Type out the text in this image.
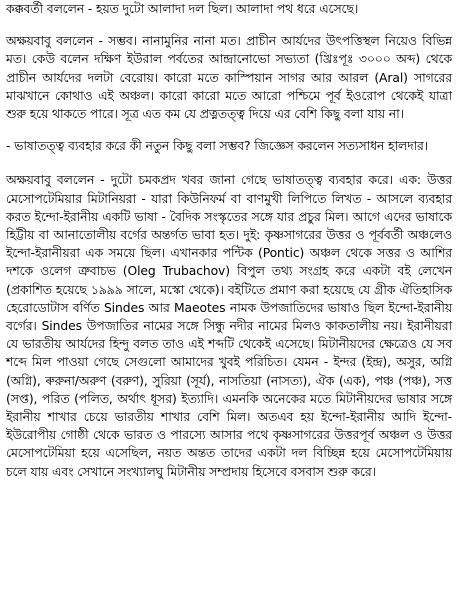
কক্কবর্তী বললেন - হয়ত দুটো আলাদা দল ছিল। আলাদা পথ ধরে এসেছে।

অক্ষয়বাবু বললেন - সম্ভব। নানামুনির নানা মত। প্রাচীন আর্যদের উৎপত্তিস্থল নিয়েও বিভিন্ন মত। কেউ বলেন দক্ষিণ ইউরাল পর্বতের আন্দ্রানোভো সভ্যতা (খ্রিঃপূঃ ৩০০০ অব্দ) থেকে প্রাচীন আর্যদের দলটা বেরোয়। কারো মতে কাস্পিয়ান সাগর আর আরল (Aral) সাগরের মাঝখানে কোথাও এই অঞ্চল। কারো কারো মতে আরো পশ্চিমে পূর্ব ইওরোপ থেকেই যাত্রা শুরু হয়ে থাকতে পারে। সূত্র এত কম যে প্রত্নতত্ত্ব দিয়ে এর বেশি কিছু বলা যায় না।

- ভাষাতত্ত্ব ব্যবহার করে কী নতুন কিছু বলা সম্ভব? জিজ্ঞেস করলেন সত্যসাধন হালদার।

অক্ষয়বাবু বললেন - দুটো চমকপ্রদ খবর জানা গেছে ভাষাতত্ত্ব ব্যবহার করে। এক: উত্তর মেসোপটেমিয়ার মিটানিয়রা - যারা কিউনিফর্ম বা বাণমুখী লিপিতে লিখত - আসলে ব্যবহার করত ইন্দো-ইরানীয় একটি ভাষা - বৈদিক সংস্কৃতের সঙ্গে যার প্রচুর মিল। আগে এদের ভাষাকে হিট্টীয় বা আনাতোলীয় বর্গের অন্তর্গত ভাবা হত। দুই: কৃষ্ণসাগরের উত্তর ও পূর্ববর্তী অঞ্চলেও ইন্দো-ইরানীয়রা এক সময়ে ছিল। এখানকার পন্টিক (Pontic) অঞ্চল থেকে সত্তর ও আশির দশকে ওলেগ ত্রুবাচভ (Oleg Trubachov) বিপুল তথ্য সংগ্রহ করে একটা বই লেখেন (প্রকাশিত হয়েছে ১৯৯৯ সালে, মস্কো থেকে)। বইটিতে প্রমাণ করা হয়েছে যে গ্রীক ঐতিহাসিক হেরোডোটাস বর্ণিত Sindes আর Maeotes নামক উপজাতিদের ভাষাও ছিল ইন্দো-ইরানীয় বর্গের। Sindes উপজাতির নামের সঙ্গে সিন্ধু নদীর নামের মিলও কাকতালীয় নয়। ইরানীয়রা যে ভারতীয় আর্যদের হিন্দু বলত তাও এই শব্দটি থেকেই এসেছে। মিটানীয়দের ক্ষেত্রেও যে সব শব্দে মিল পাওয়া গেছে সেগুলো আমাদের খুবই পরিচিত। যেমন - ইন্দর (ইন্দ্র), অসুর, অগ্নি (অগ্নি), ৰুরুনা/অরুণ (বরুণ), সুরিয়া (সূর্য), নাসতিয়া (নাসত্য), ঐক (এক), পঞ্চ (পঞ্চ), সত্ত (সপ্ত), পরিত (পলিত, অর্থাৎ ধূসর) ইত্যাদি। এমনকি অনেকের মতে মিটানীয়দের ভাষার সঙ্গে ইরানীয় শাখার চেয়ে ভারতীয় শাখার বেশি মিল। অতএব হয় ইন্দো-ইরানীয় আদি ইন্দো-ইউরোপীয় গোষ্ঠী থেকে ভারত ও পারস্যে আসার পথে কৃষ্ণসাগরের উত্তরপূর্ব অঞ্চল ও উত্তর মেসোপটেমিয়া হয়ে এসেছিল, নয়ত অন্তত তাদের একটা দল বিচ্ছিন্ন হয়ে মেসোপটেমিয়ায় চলে যায় এবং সেখানে সংখ্যালঘু মিটানীয় সম্প্রদায় হিসেবে বসবাস শুরু করে।
